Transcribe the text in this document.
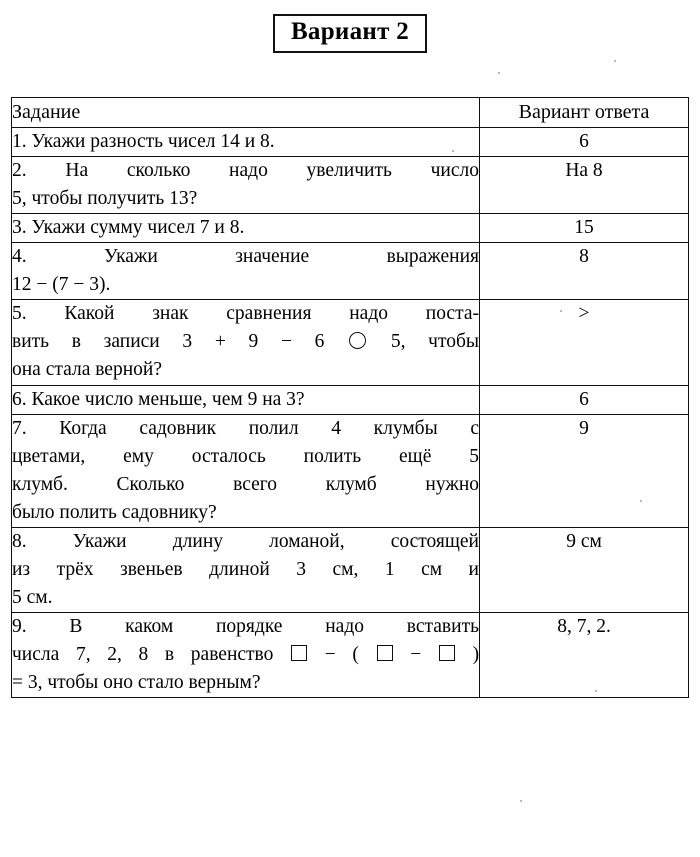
Вариант 2
Задание	Вариант ответа

1. Укажи разность чисел 14 и 8.	6

2. На сколько надо увеличить число
5, чтобы получить 13?	На 8

3. Укажи сумму чисел 7 и 8.	15

4. Укажи значение выражения
12 − (7 − 3).	8

5. Какой знак сравнения надо поста-
вить в записи 3 + 9 − 6 5, чтобы
она стала верной?	>

6. Какое число меньше, чем 9 на 3?	6

7. Когда садовник полил 4 клумбы с
цветами, ему осталось полить ещё 5
клумб. Сколько всего клумб нужно
было полить садовнику?	9

8. Укажи длину ломаной, состоящей
из трёх звеньев длиной 3 см, 1 см и
5 см.	9 см

9. В каком порядке надо вставить
числа 7, 2, 8 в равенство − ( − )
= 3, чтобы оно стало верным?	8, 7, 2.
